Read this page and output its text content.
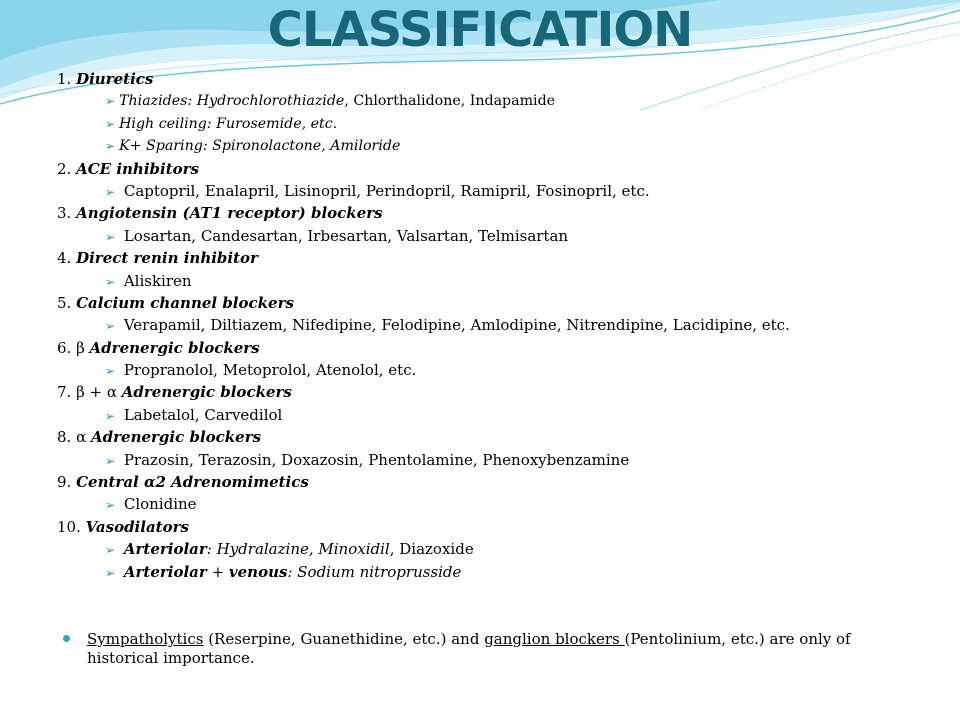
CLASSIFICATION
1. Diuretics
➢ Thiazides: Hydrochlorothiazide, Chlorthalidone, Indapamide
➢ High ceiling: Furosemide, etc.
➢ K+ Sparing: Spironolactone, Amiloride
2. ACE inhibitors
➢ Captopril, Enalapril, Lisinopril, Perindopril, Ramipril, Fosinopril, etc.
3. Angiotensin (AT1 receptor) blockers
➢ Losartan, Candesartan, Irbesartan, Valsartan, Telmisartan
4. Direct renin inhibitor
➢ Aliskiren
5. Calcium channel blockers
➢ Verapamil, Diltiazem, Nifedipine, Felodipine, Amlodipine, Nitrendipine, Lacidipine, etc.
6. β Adrenergic blockers
➢ Propranolol, Metoprolol, Atenolol, etc.
7. β + α Adrenergic blockers
➢ Labetalol, Carvedilol
8. α Adrenergic blockers
➢ Prazosin, Terazosin, Doxazosin, Phentolamine, Phenoxybenzamine
9. Central α2 Adrenomimetics
➢ Clonidine
10. Vasodilators
➢ Arteriolar: Hydralazine, Minoxidil, Diazoxide
➢ Arteriolar + venous: Sodium nitroprusside
Sympatholytics (Reserpine, Guanethidine, etc.) and ganglion blockers (Pentolinium, etc.) are only of historical importance.
